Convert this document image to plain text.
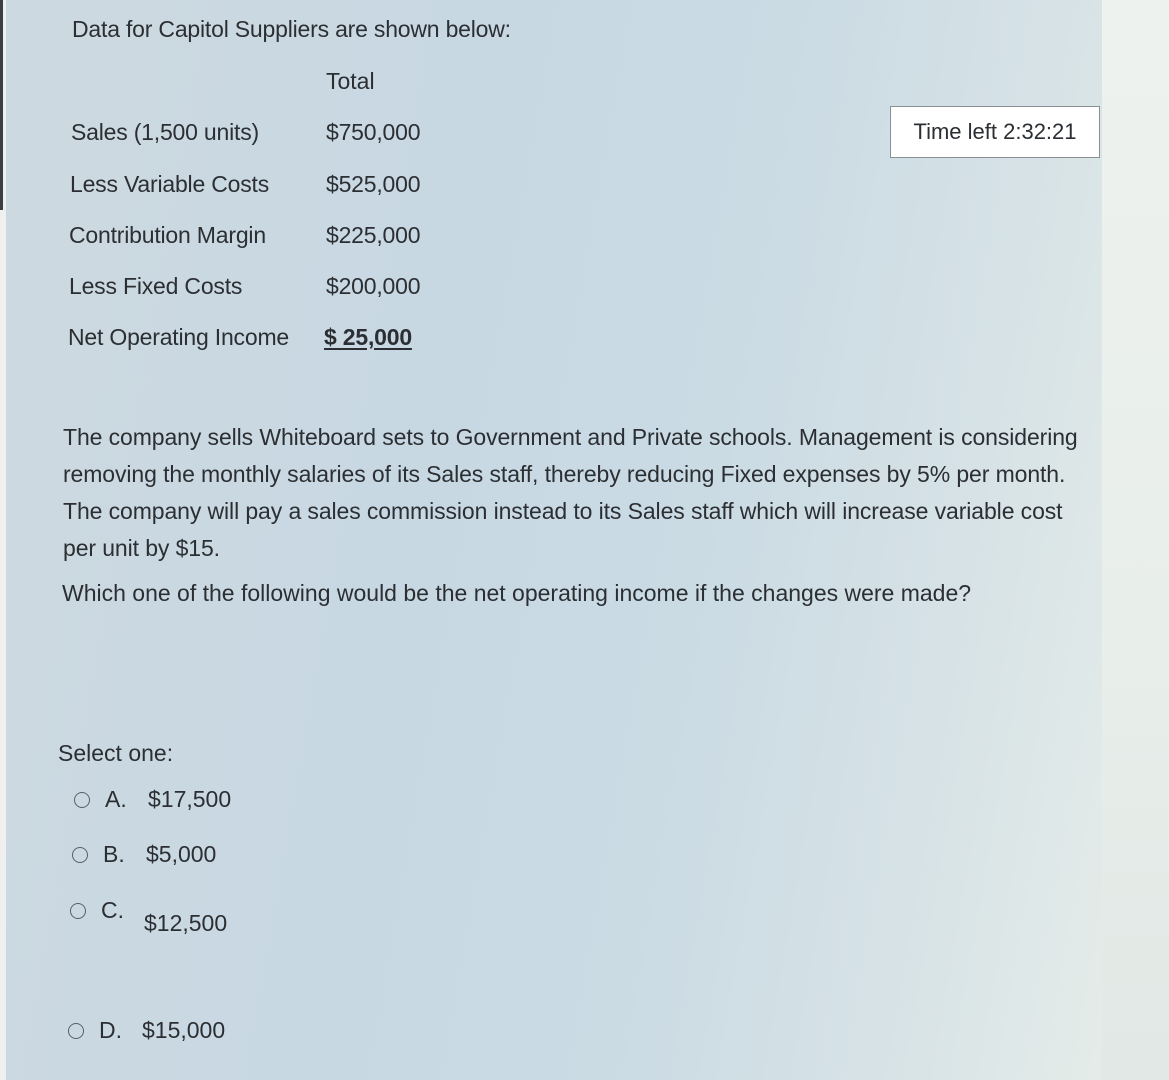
Data for Capitol Suppliers are shown below:
Total
Sales (1,500 units)	$750,000
Less Variable Costs $525,000
Contribution Margin	$225,000
Less Fixed Costs	$200,000
Net Operating Income $ 25,000
Time left 2:32:21
The company sells Whiteboard sets to Government and Private schools. Management is considering removing the monthly salaries of its Sales staff, thereby reducing Fixed expenses by 5% per month. The company will pay a sales commission instead to its Sales staff which will increase variable cost per unit by $15.
Which one of the following would be the net operating income if the changes were made?
Select one:
A. $17,500
B. $5,000
C. $12,500
D. $15,000
